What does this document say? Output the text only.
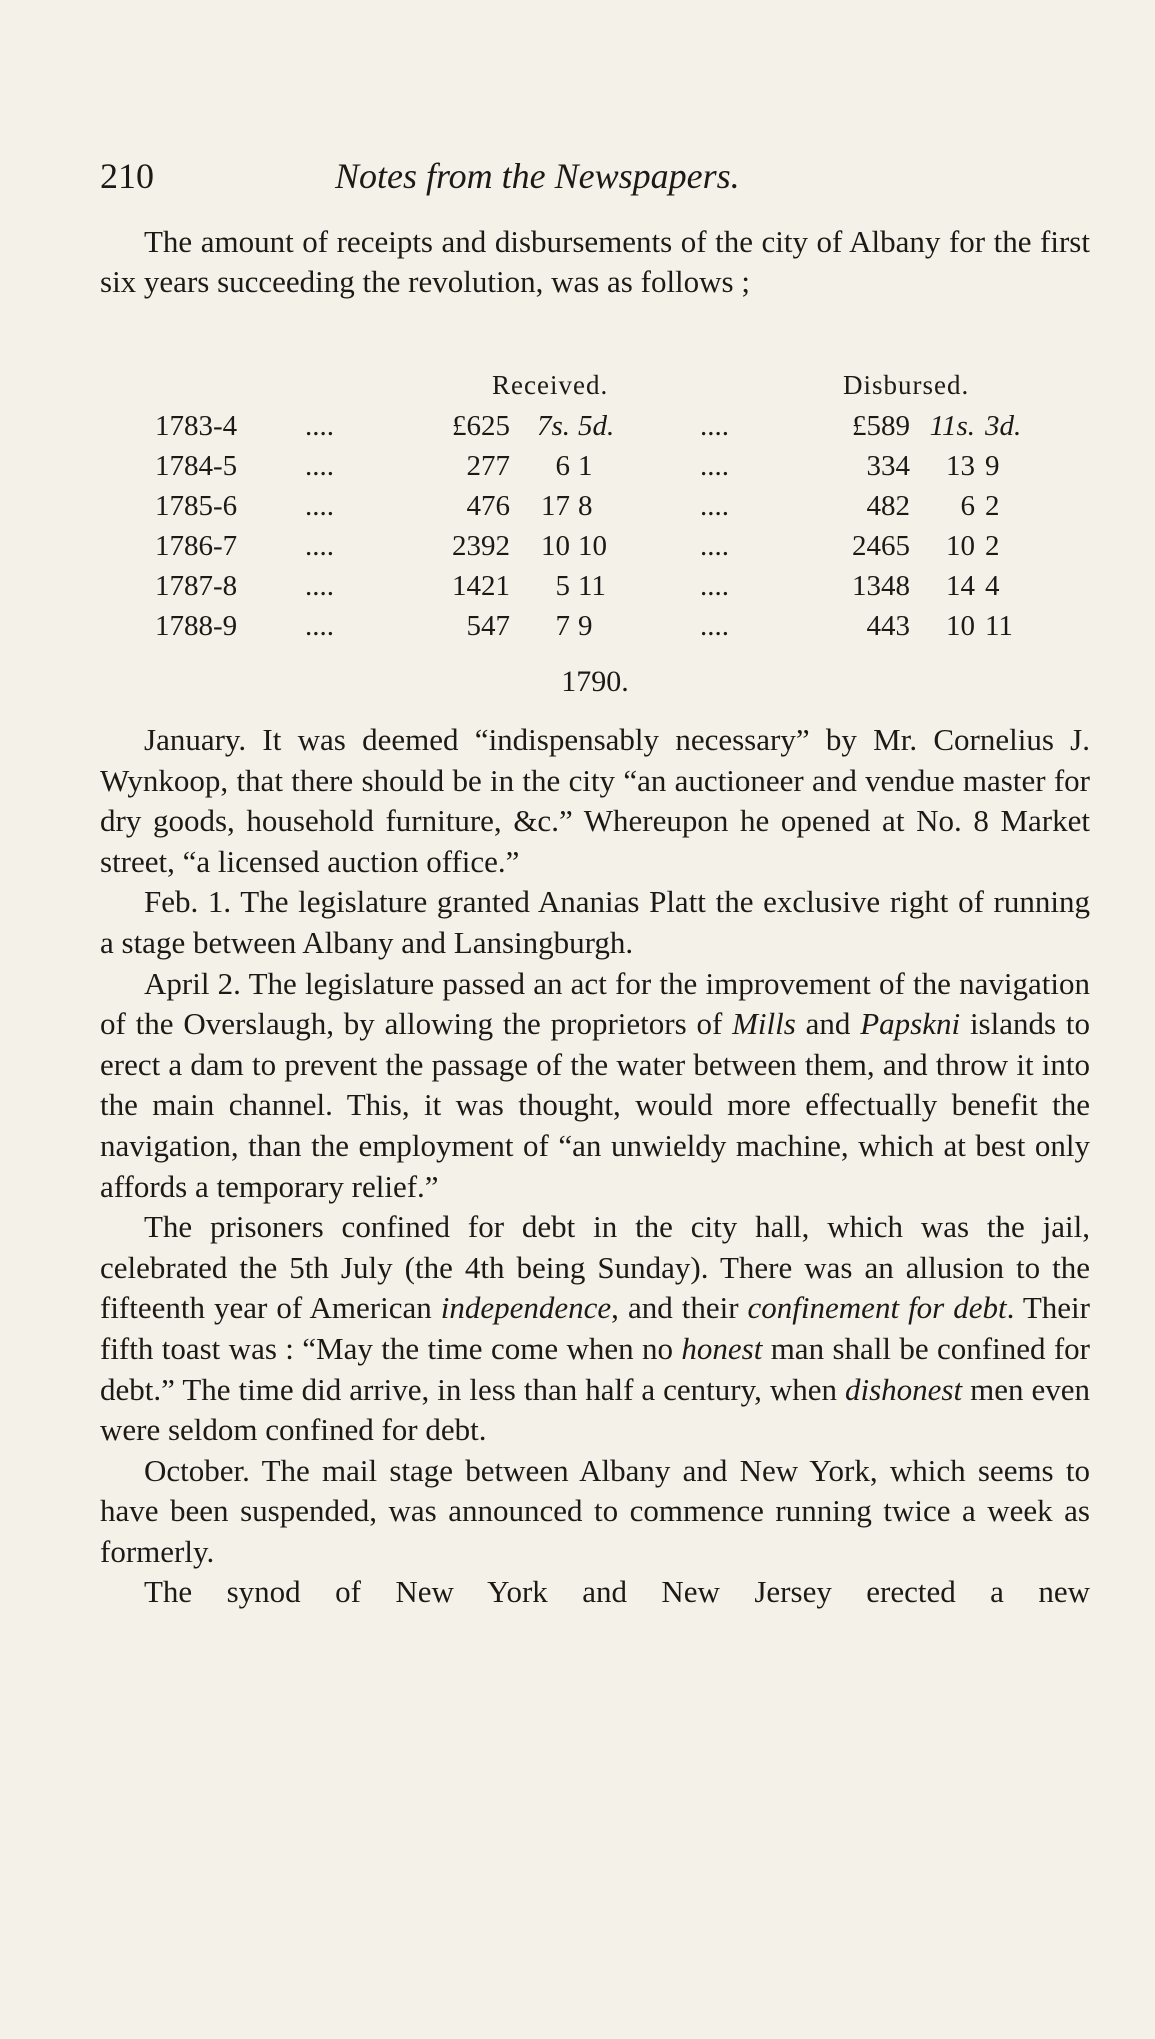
210	Notes from the Newspapers.

The amount of receipts and disbursements of the city of Albany for the first six years succeeding the revolution, was as follows ;

Received.	Disbursed.
1783-4	....	£625 7s. 5d.	....	£589 11s. 3d.
1784-5	....	277	6 1	....	334	13 9
1785-6	....	476	17 8	....	482	6 2
1786-7	....	2392	10 10	....	2465	10 2
1787-8	....	1421	5 11	....	1348	14 4
1788-9	....	547	7 9	....	443	10 11
1790.

January. It was deemed “indispensably necessary” by Mr. Cornelius J. Wynkoop, that there should be in the city “an auctioneer and vendue master for dry goods, household furniture, &c.” Whereupon he opened at No. 8 Market street, “a licensed auction office.”

Feb. 1. The legislature granted Ananias Platt the exclusive right of running a stage between Albany and Lansingburgh.

April 2. The legislature passed an act for the improvement of the navigation of the Overslaugh, by allowing the proprietors of Mills and Papskni islands to erect a dam to prevent the passage of the water between them, and throw it into the main channel. This, it was thought, would more effectually benefit the navigation, than the employment of “an unwieldy machine, which at best only affords a temporary relief.”

The prisoners confined for debt in the city hall, which was the jail, celebrated the 5th July (the 4th being Sunday). There was an allusion to the fifteenth year of American independence, and their confinement for debt. Their fifth toast was : “May the time come when no honest man shall be confined for debt.” The time did arrive, in less than half a century, when dishonest men even were seldom confined for debt.

October. The mail stage between Albany and New York, which seems to have been suspended, was announced to commence running twice a week as formerly.

The synod of New York and New Jersey erected a new
